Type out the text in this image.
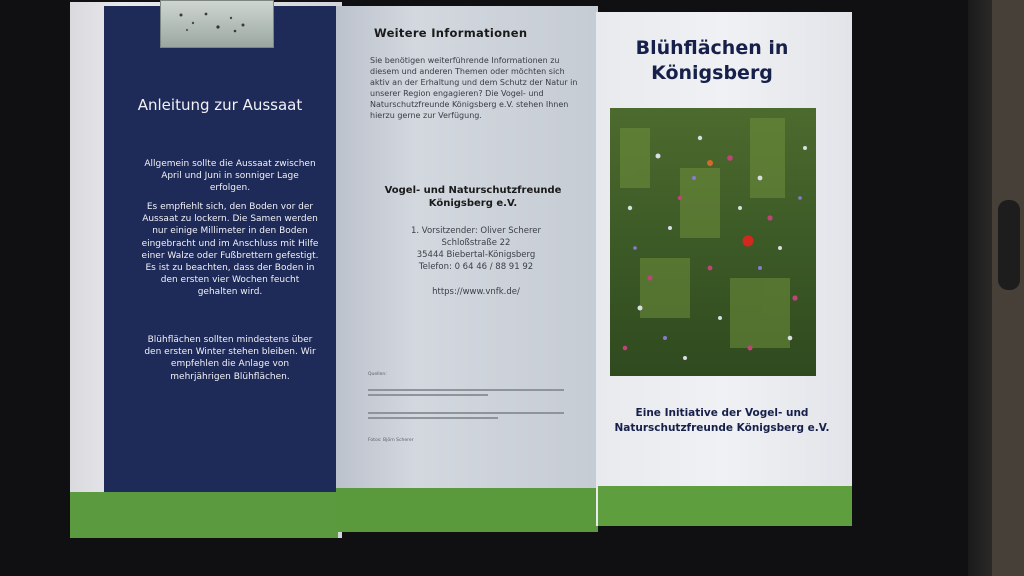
Anleitung zur Aussaat
Allgemein sollte die Aussaat zwischen April und Juni in sonniger Lage erfolgen.
Es empfiehlt sich, den Boden vor der Aussaat zu lockern. Die Samen werden nur einige Millimeter in den Boden eingebracht und im Anschluss mit Hilfe einer Walze oder Fußbrettern gefestigt. Es ist zu beachten, dass der Boden in den ersten vier Wochen feucht gehalten wird.
Blühflächen sollten mindestens über den ersten Winter stehen bleiben. Wir empfehlen die Anlage von mehrjährigen Blühflächen.
Weitere Informationen
Sie benötigen weiterführende Informationen zu diesem und anderen Themen oder möchten sich aktiv an der Erhaltung und dem Schutz der Natur in unserer Region engagieren? Die Vogel- und Naturschutzfreunde Königsberg e.V. stehen Ihnen hierzu gerne zur Verfügung.
Vogel- und Naturschutzfreunde Königsberg e.V.
1. Vorsitzender: Oliver Scherer
Schloßstraße 22
35444 Biebertal-Königsberg
Telefon: 0 64 46 / 88 91 92
https://www.vnfk.de/
Quellen:
Fotos: Björn Scherer
Blühflächen in Königsberg
Eine Initiative der Vogel- und Naturschutzfreunde Königsberg e.V.
